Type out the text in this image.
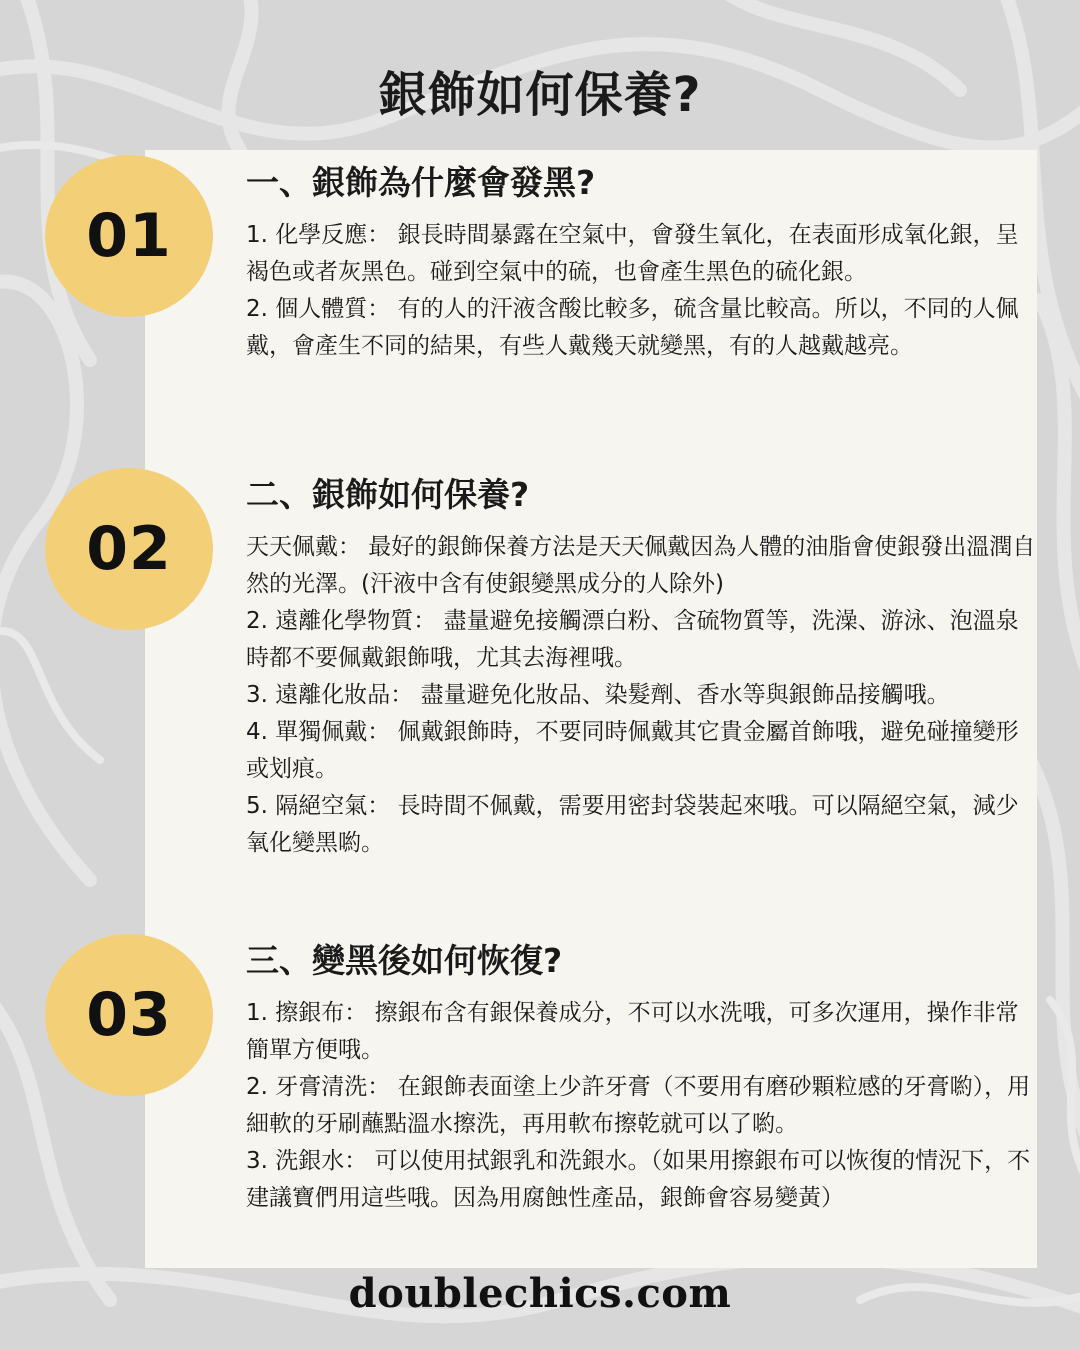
銀飾如何保養?
01
02
03
一、銀飾為什麼會發黑?

1. 化學反應： 銀長時間暴露在空氣中，會發生氧化，在表面形成氧化銀，呈褐色或者灰黑色。碰到空氣中的硫，也會產生黑色的硫化銀。

2. 個人體質： 有的人的汗液含酸比較多，硫含量比較高。所以，不同的人佩戴，會產生不同的結果，有些人戴幾天就變黑，有的人越戴越亮。

二、銀飾如何保養?

天天佩戴： 最好的銀飾保養方法是天天佩戴因為人體的油脂會使銀發出溫潤自然的光澤。(汗液中含有使銀變黑成分的人除外)

2. 遠離化學物質： 盡量避免接觸漂白粉、含硫物質等，洗澡、游泳、泡溫泉時都不要佩戴銀飾哦，尤其去海裡哦。

3. 遠離化妝品： 盡量避免化妝品、染髮劑、香水等與銀飾品接觸哦。

4. 單獨佩戴： 佩戴銀飾時，不要同時佩戴其它貴金屬首飾哦，避免碰撞變形或划痕。

5. 隔絕空氣： 長時間不佩戴，需要用密封袋裝起來哦。可以隔絕空氣，減少氧化變黑喲。

三、變黑後如何恢復?

1. 擦銀布： 擦銀布含有銀保養成分，不可以水洗哦，可多次運用，操作非常簡單方便哦。

2. 牙膏清洗： 在銀飾表面塗上少許牙膏（不要用有磨砂顆粒感的牙膏喲），用細軟的牙刷蘸點溫水擦洗，再用軟布擦乾就可以了喲。

3. 洗銀水： 可以使用拭銀乳和洗銀水。（如果用擦銀布可以恢復的情況下，不建議寶們用這些哦。因為用腐蝕性產品，銀飾會容易變黃）

doublechics.com
